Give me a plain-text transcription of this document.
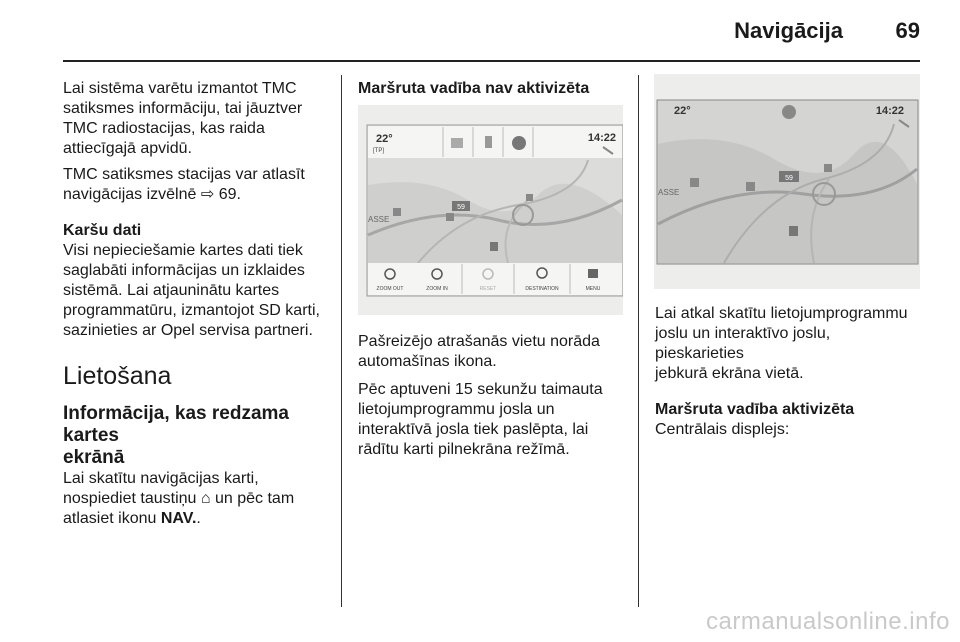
Navigācija 69

Lai sistēma varētu izmantot TMC
satiksmes informāciju, tai jāuztver
TMC radiostacijas, kas raida
attiecīgajā apvidū.

TMC satiksmes stacijas var atlasīt
navigācijas izvēlnē ⇨ 69.

Karšu dati

Visi nepieciešamie kartes dati tiek
saglabāti informācijas un izklaides
sistēmā. Lai atjauninātu kartes
programmatūru, izmantojot SD karti,
sazinieties ar Opel servisa partneri.

Lietošana

Informācija, kas redzama kartes
ekrānā

Lai skatītu navigācijas karti,
nospiediet taustiņu ⌂ un pēc tam
atlasiet ikonu NAV..

Maršruta vadība nav aktivizēta

59
ASSE
22°
[TP]
14:22
ZOOM OUT	ZOOM IN	RESET	DESTINATION	MENU

Pašreizējo atrašanās vietu norāda
automašīnas ikona.

Pēc aptuveni 15 sekunžu taimauta
lietojumprogrammu josla un
interaktīvā josla tiek paslēpta, lai
rādītu karti pilnekrāna režīmā.

59
ASSE
22°	14:22

Lai atkal skatītu lietojumprogrammu
joslu un interaktīvo joslu, pieskarieties
jebkurā ekrāna vietā.

Maršruta vadība aktivizēta

Centrālais displejs:

carmanualsonline.info
